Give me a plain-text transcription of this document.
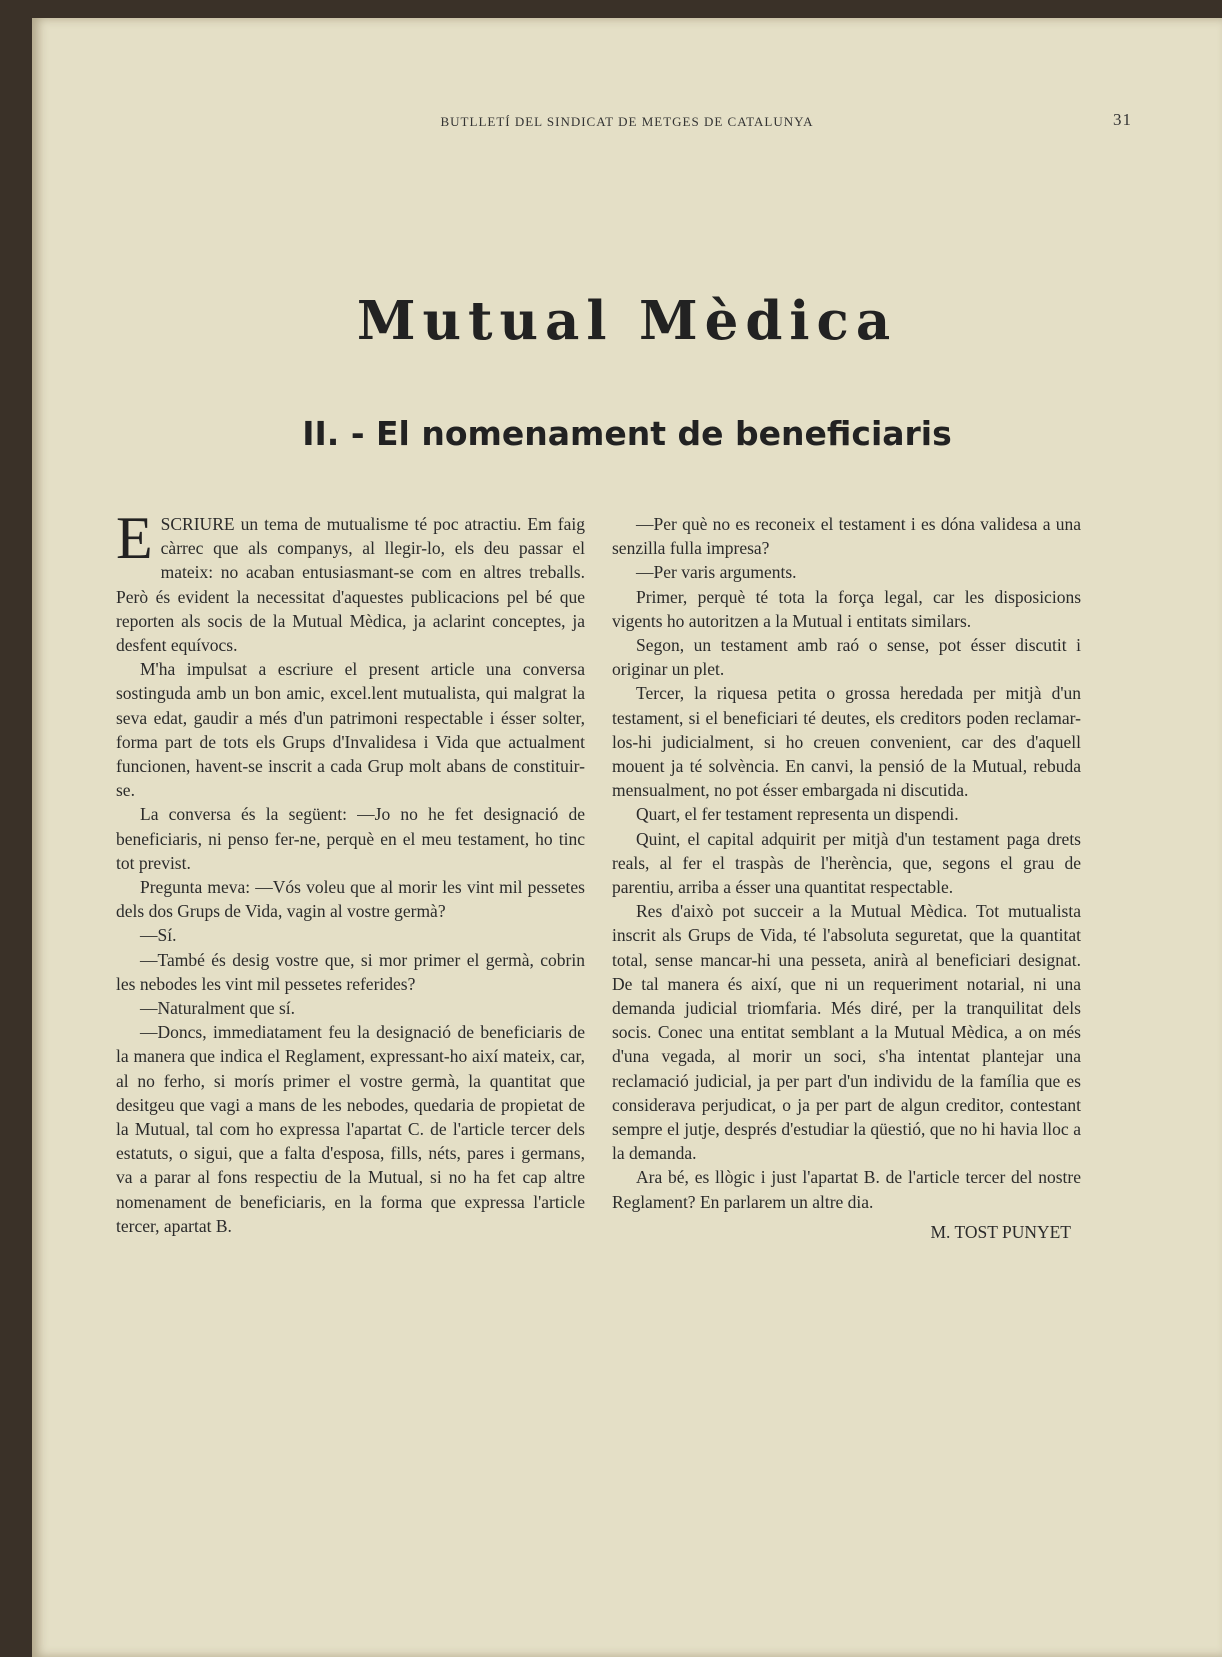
BUTLLETÍ DEL SINDICAT DE METGES DE CATALUNYA	31
Mutual Mèdica
II. - El nomenament de beneficiaris

ESCRIURE un tema de mutualisme té poc atractiu. Em faig càrrec que als companys, al llegir-lo, els deu passar el mateix: no acaban entusiasmant-se com en altres treballs. Però és evident la necessitat d'aquestes publicacions pel bé que reporten als socis de la Mutual Mèdica, ja aclarint conceptes, ja desfent equívocs.

M'ha impulsat a escriure el present article una conversa sostinguda amb un bon amic, excel.lent mutualista, qui malgrat la seva edat, gaudir a més d'un patrimoni respectable i ésser solter, forma part de tots els Grups d'Invalidesa i Vida que actualment funcionen, havent-se inscrit a cada Grup molt abans de constituir-se.

La conversa és la següent: —Jo no he fet designació de beneficiaris, ni penso fer-ne, perquè en el meu testament, ho tinc tot previst.

Pregunta meva: —Vós voleu que al morir les vint mil pessetes dels dos Grups de Vida, vagin al vostre germà?

—Sí.

—També és desig vostre que, si mor primer el germà, cobrin les nebodes les vint mil pessetes referides?

—Naturalment que sí.

—Doncs, immediatament feu la designació de beneficiaris de la manera que indica el Reglament, expressant-ho així mateix, car, al no ferho, si morís primer el vostre germà, la quantitat que desitgeu que vagi a mans de les nebodes, quedaria de propietat de la Mutual, tal com ho expressa l'apartat C. de l'article tercer dels estatuts, o sigui, que a falta d'esposa, fills, néts, pares i germans, va a parar al fons respectiu de la Mutual, si no ha fet cap altre nomenament de beneficiaris, en la forma que expressa l'article tercer, apartat B.

—Per què no es reconeix el testament i es dóna validesa a una senzilla fulla impresa?

—Per varis arguments.

Primer, perquè té tota la força legal, car les disposicions vigents ho autoritzen a la Mutual i entitats similars.

Segon, un testament amb raó o sense, pot ésser discutit i originar un plet.

Tercer, la riquesa petita o grossa heredada per mitjà d'un testament, si el beneficiari té deutes, els creditors poden reclamar-los-hi judicialment, si ho creuen convenient, car des d'aquell mouent ja té solvència. En canvi, la pensió de la Mutual, rebuda mensualment, no pot ésser embargada ni discutida.

Quart, el fer testament representa un dispendi.

Quint, el capital adquirit per mitjà d'un testament paga drets reals, al fer el traspàs de l'herència, que, segons el grau de parentiu, arriba a ésser una quantitat respectable.

Res d'això pot succeir a la Mutual Mèdica. Tot mutualista inscrit als Grups de Vida, té l'absoluta seguretat, que la quantitat total, sense mancar-hi una pesseta, anirà al beneficiari designat. De tal manera és així, que ni un requeriment notarial, ni una demanda judicial triomfaria. Més diré, per la tranquilitat dels socis. Conec una entitat semblant a la Mutual Mèdica, a on més d'una vegada, al morir un soci, s'ha intentat plantejar una reclamació judicial, ja per part d'un individu de la família que es considerava perjudicat, o ja per part de algun creditor, contestant sempre el jutje, després d'estudiar la qüestió, que no hi havia lloc a la demanda.

Ara bé, es llògic i just l'apartat B. de l'article tercer del nostre Reglament? En parlarem un altre dia.

M. TOST PUNYET
